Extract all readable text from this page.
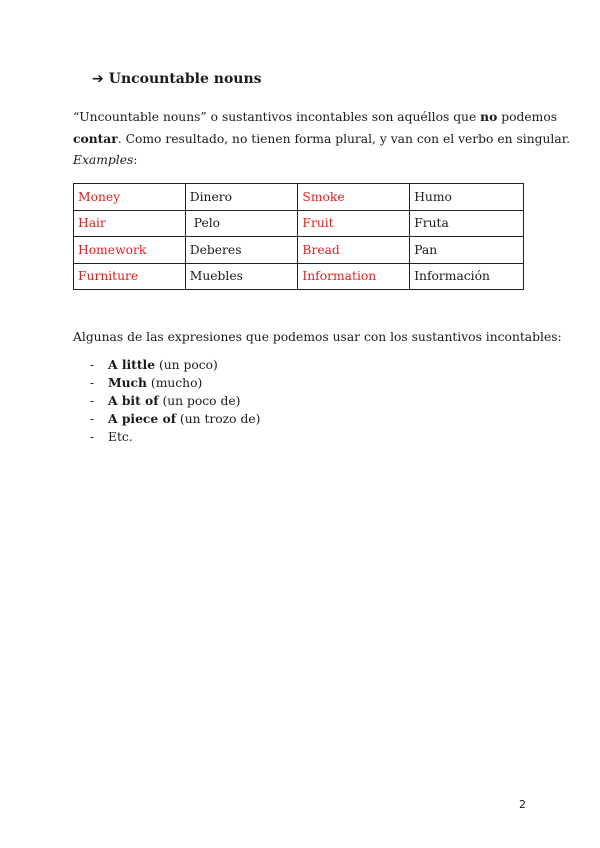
➔ Uncountable nouns

“Uncountable nouns” o sustantivos incontables son aquéllos que no podemos

contar. Como resultado, no tienen forma plural, y van con el verbo en singular.

Examples:
Money	Dinero	Smoke	Humo
Hair	Pelo	Fruit	Fruta
Homework	Deberes	Bread	Pan
Furniture	Muebles	Information	Información
Algunas de las expresiones que podemos usar con los sustantivos incontables:
-	A little (un poco)
-	Much (mucho)
-	A bit of (un poco de)
-	A piece of (un trozo de)
-	Etc.
2
